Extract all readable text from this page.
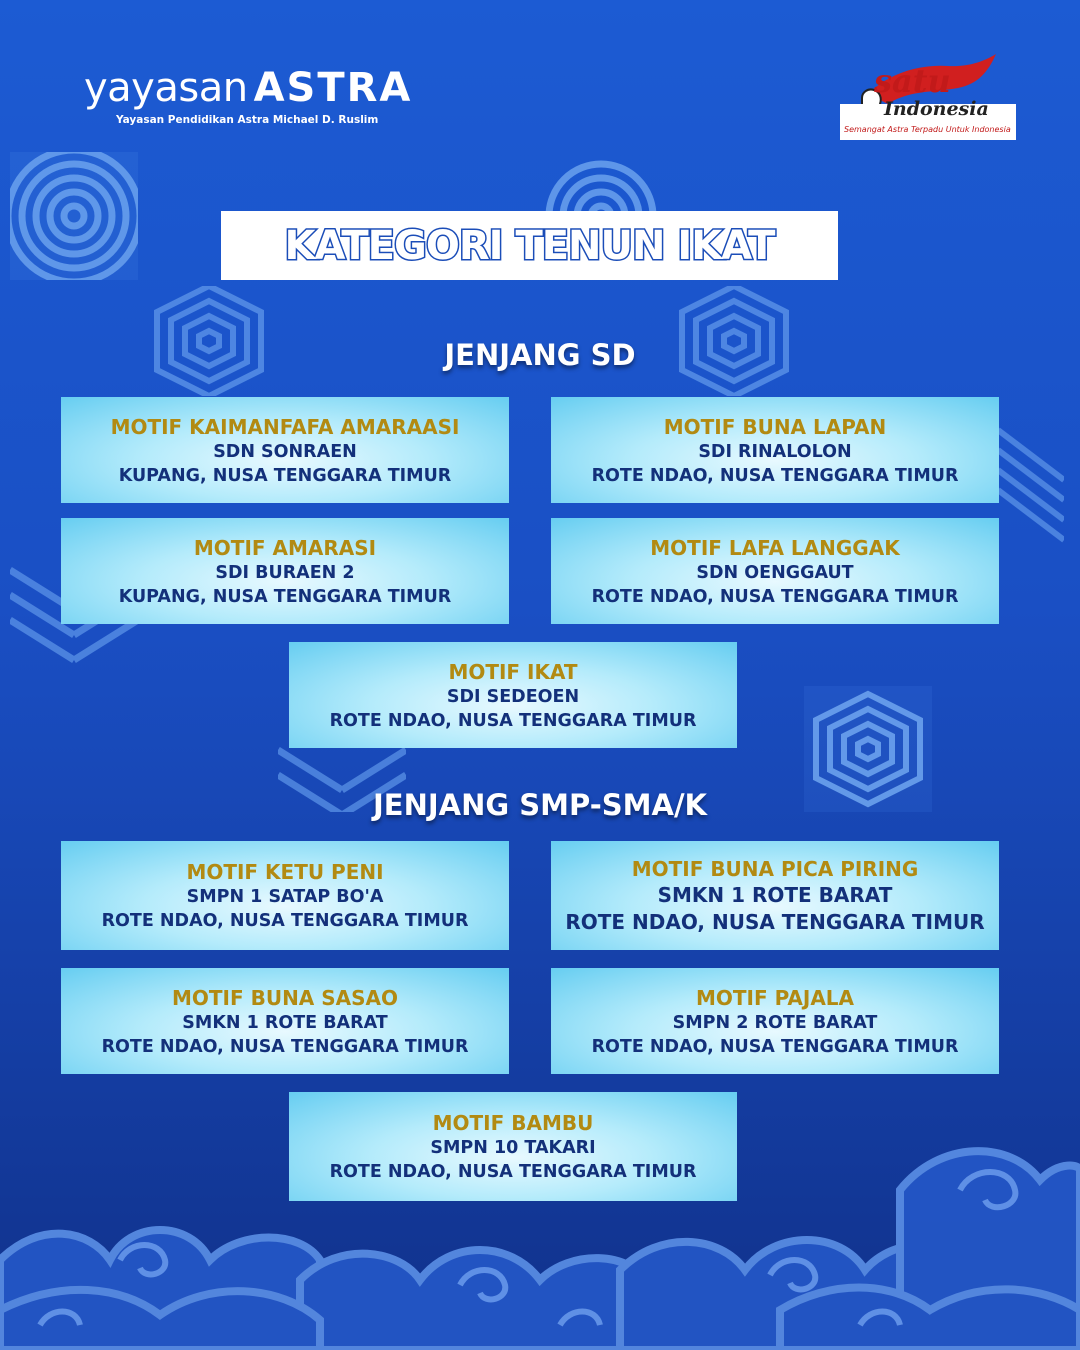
yayasan ASTRA
Yayasan Pendidikan Astra Michael D. Ruslim
satu
Indonesia
Semangat Astra Terpadu Untuk Indonesia
KATEGORI TENUN IKAT
JENJANG SD
MOTIF KAIMANFAFA AMARAASI
SDN SONRAEN
KUPANG, NUSA TENGGARA TIMUR
MOTIF BUNA LAPAN
SDI RINALOLON
ROTE NDAO, NUSA TENGGARA TIMUR
MOTIF AMARASI
SDI BURAEN 2
KUPANG, NUSA TENGGARA TIMUR
MOTIF LAFA LANGGAK
SDN OENGGAUT
ROTE NDAO, NUSA TENGGARA TIMUR
MOTIF IKAT
SDI SEDEOEN
ROTE NDAO, NUSA TENGGARA TIMUR
JENJANG SMP-SMA/K
MOTIF KETU PENI
SMPN 1 SATAP BO'A
ROTE NDAO, NUSA TENGGARA TIMUR
MOTIF BUNA PICA PIRING
SMKN 1 ROTE BARAT
ROTE NDAO, NUSA TENGGARA TIMUR
MOTIF BUNA SASAO
SMKN 1 ROTE BARAT
ROTE NDAO, NUSA TENGGARA TIMUR
MOTIF PAJALA
SMPN 2 ROTE BARAT
ROTE NDAO, NUSA TENGGARA TIMUR
MOTIF BAMBU
SMPN 10 TAKARI
ROTE NDAO, NUSA TENGGARA TIMUR
